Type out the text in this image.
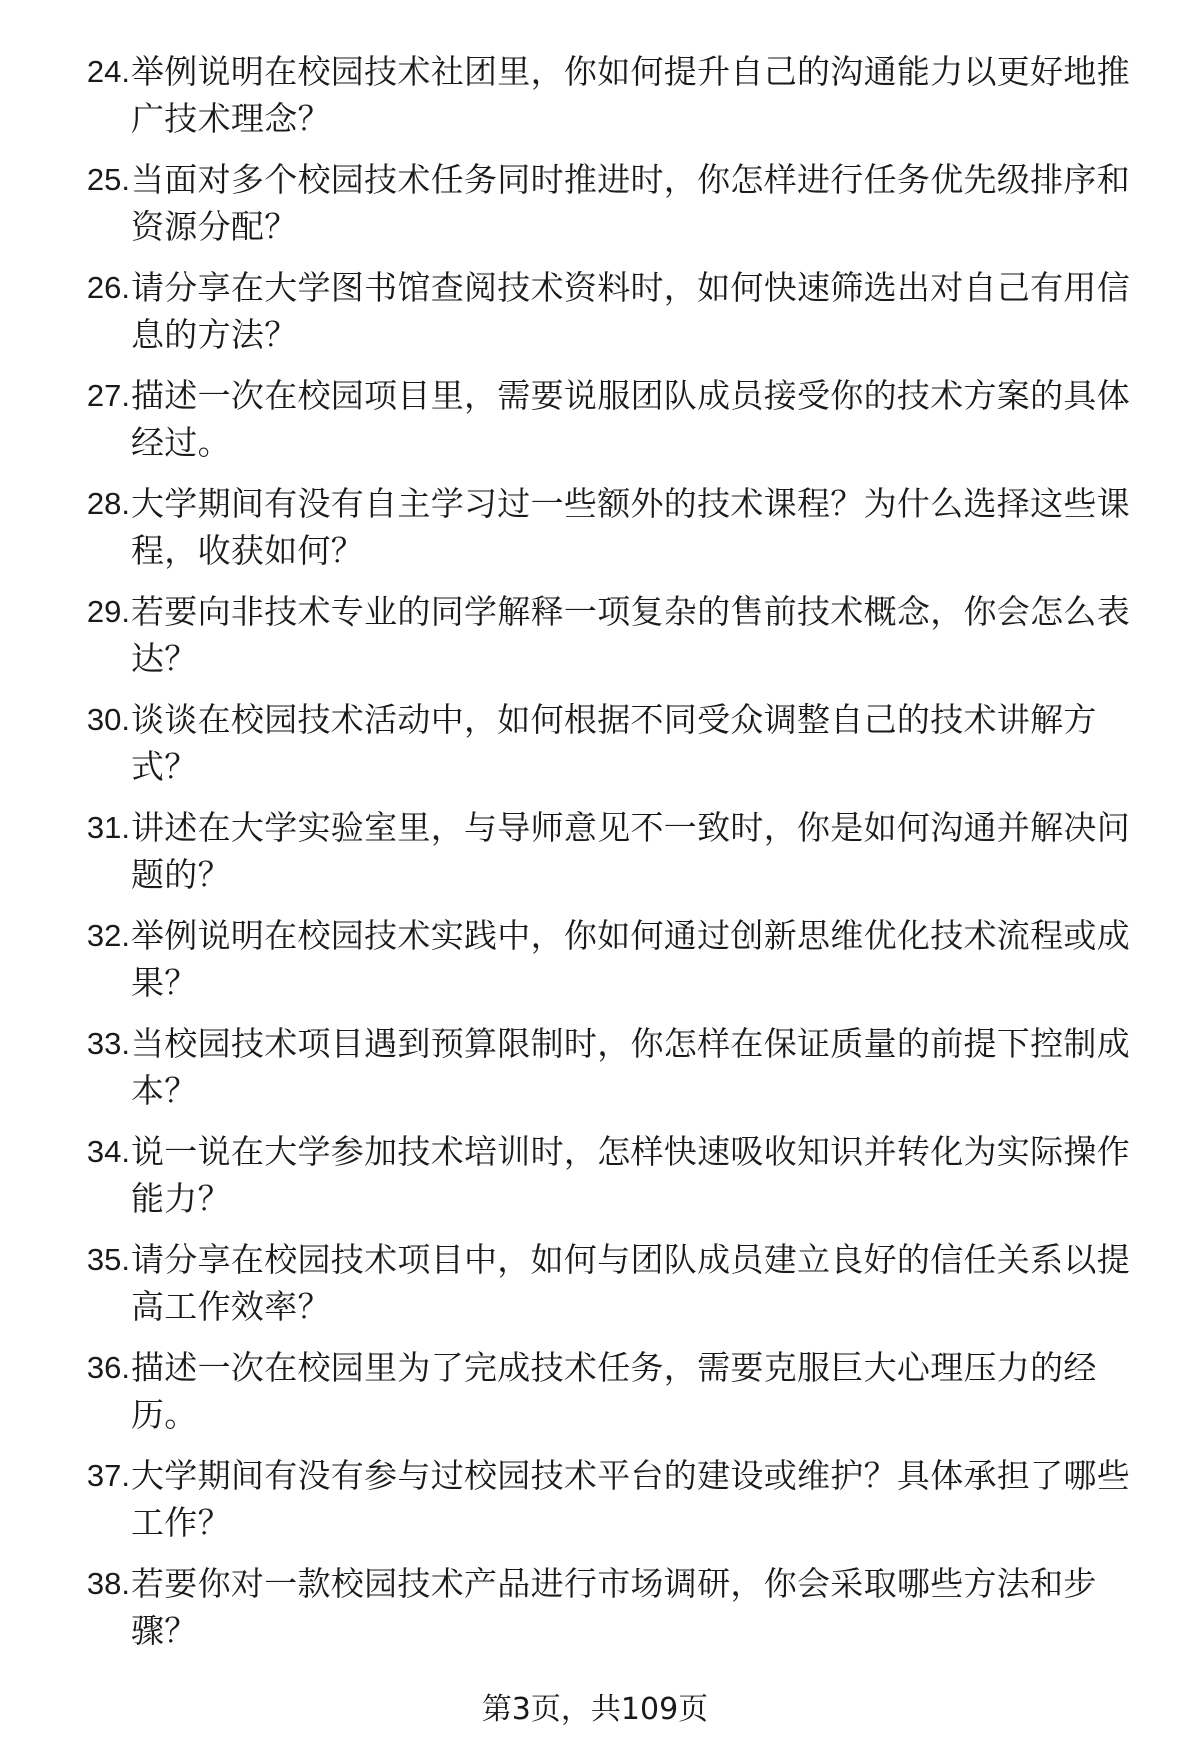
24. 举例说明在校园技术社团里，你如何提升自己的沟通能力以更好地推广技术理念？
25. 当面对多个校园技术任务同时推进时，你怎样进行任务优先级排序和资源分配？
26. 请分享在大学图书馆查阅技术资料时，如何快速筛选出对自己有用信息的方法？
27. 描述一次在校园项目里，需要说服团队成员接受你的技术方案的具体经过。
28. 大学期间有没有自主学习过一些额外的技术课程？为什么选择这些课程，收获如何？
29. 若要向非技术专业的同学解释一项复杂的售前技术概念，你会怎么表达？
30. 谈谈在校园技术活动中，如何根据不同受众调整自己的技术讲解方式？
31. 讲述在大学实验室里，与导师意见不一致时，你是如何沟通并解决问题的？
32. 举例说明在校园技术实践中，你如何通过创新思维优化技术流程或成果？
33. 当校园技术项目遇到预算限制时，你怎样在保证质量的前提下控制成本？
34. 说一说在大学参加技术培训时，怎样快速吸收知识并转化为实际操作能力？
35. 请分享在校园技术项目中，如何与团队成员建立良好的信任关系以提高工作效率？
36. 描述一次在校园里为了完成技术任务，需要克服巨大心理压力的经历。
37. 大学期间有没有参与过校园技术平台的建设或维护？具体承担了哪些工作？
38. 若要你对一款校园技术产品进行市场调研，你会采取哪些方法和步骤？
第3页，共109页
